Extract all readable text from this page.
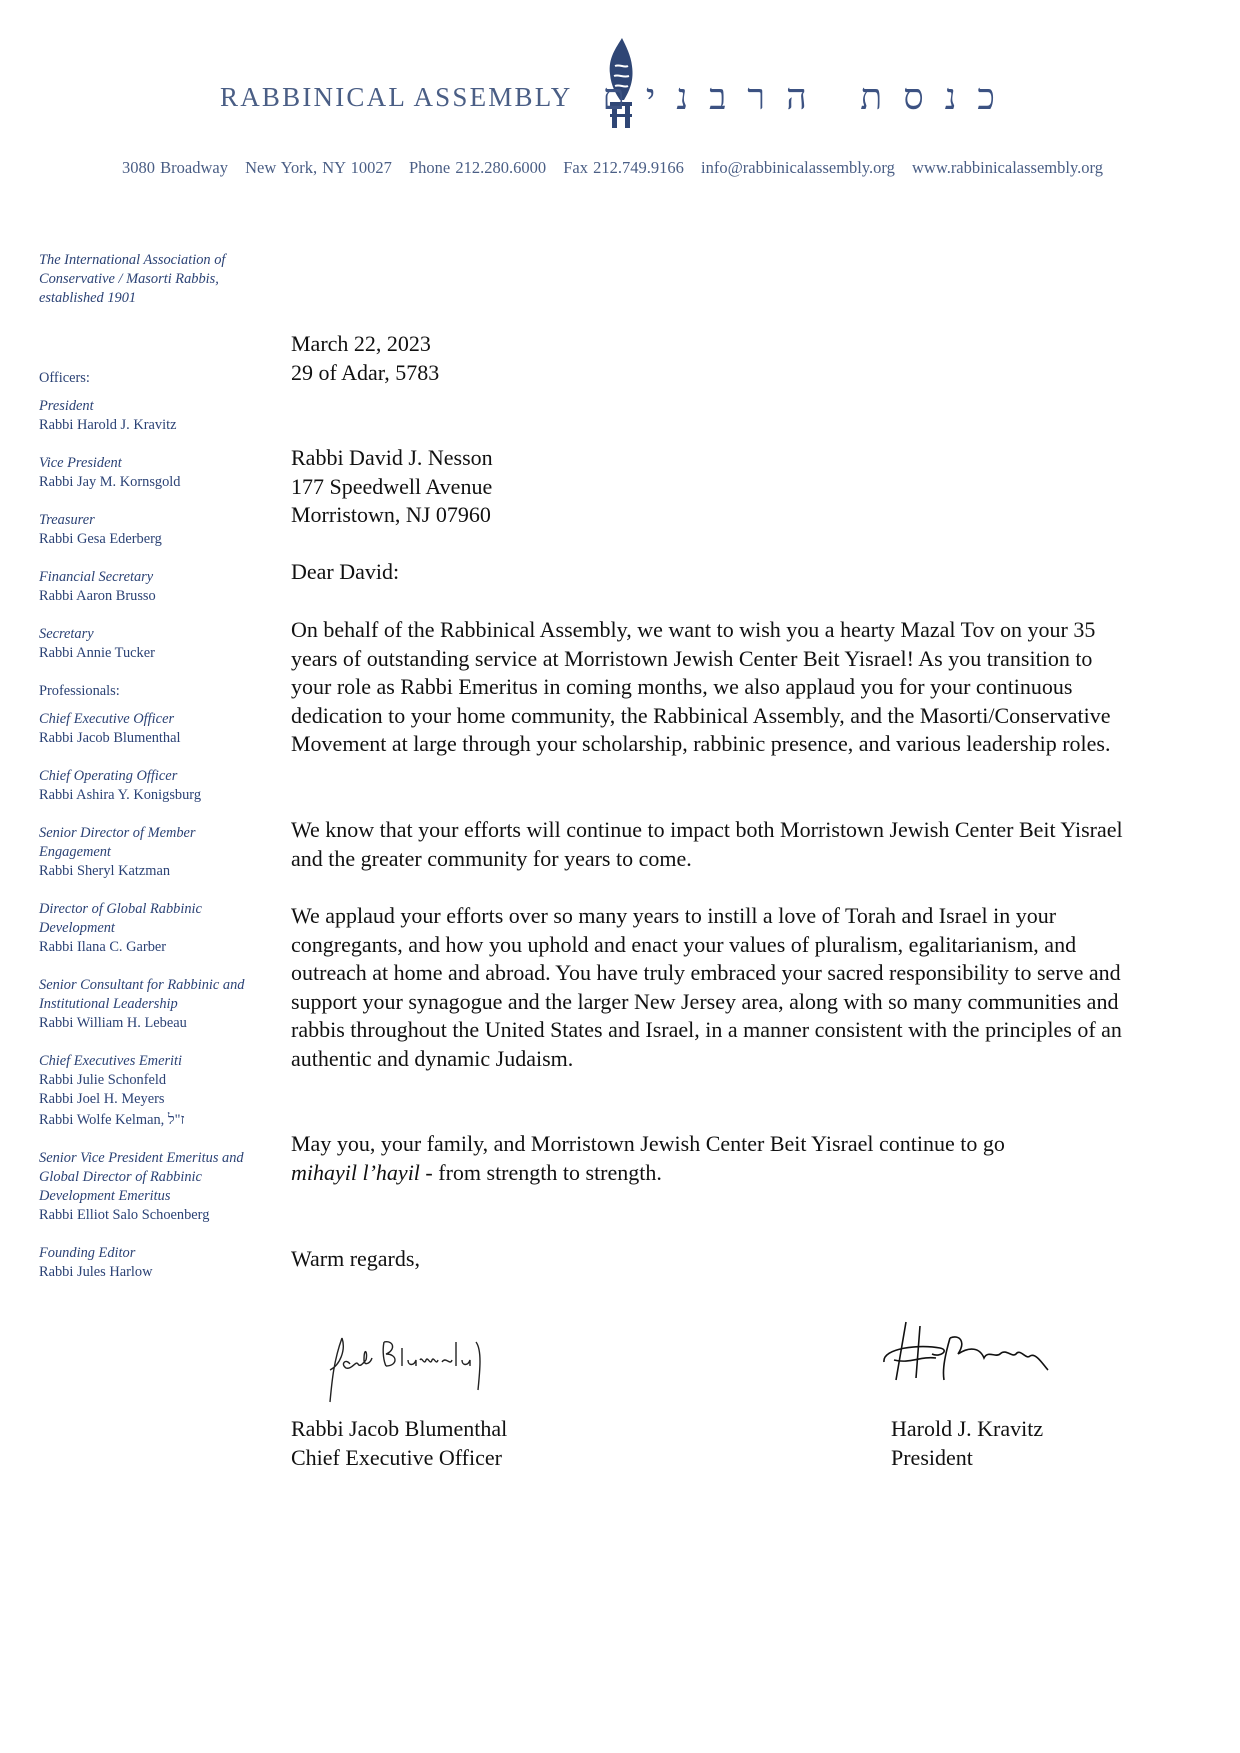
RABBINICAL ASSEMBLY כנסת הרבנים
3080 Broadway New York, NY 10027 Phone 212.280.6000 Fax 212.749.9166 info@rabbinicalassembly.org www.rabbinicalassembly.org
The International Association of
Conservative / Masorti Rabbis,
established 1901
Officers:
President
Rabbi Harold J. Kravitz
Vice President
Rabbi Jay M. Kornsgold
Treasurer
Rabbi Gesa Ederberg
Financial Secretary
Rabbi Aaron Brusso
Secretary
Rabbi Annie Tucker
Professionals:
Chief Executive Officer
Rabbi Jacob Blumenthal
Chief Operating Officer
Rabbi Ashira Y. Konigsburg
Senior Director of Member Engagement
Rabbi Sheryl Katzman
Director of Global Rabbinic Development
Rabbi Ilana C. Garber
Senior Consultant for Rabbinic and Institutional Leadership
Rabbi William H. Lebeau
Chief Executives Emeriti
Rabbi Julie Schonfeld
Rabbi Joel H. Meyers
Rabbi Wolfe Kelman, ז"ל
Senior Vice President Emeritus and Global Director of Rabbinic Development Emeritus
Rabbi Elliot Salo Schoenberg
Founding Editor
Rabbi Jules Harlow

March 22, 2023

29 of Adar, 5783

Rabbi David J. Nesson

177 Speedwell Avenue

Morristown, NJ 07960

Dear David:

On behalf of the Rabbinical Assembly, we want to wish you a hearty Mazal Tov on your 35 years of outstanding service at Morristown Jewish Center Beit Yisrael! As you transition to your role as Rabbi Emeritus in coming months, we also applaud you for your continuous dedication to your home community, the Rabbinical Assembly, and the Masorti/Conservative Movement at large through your scholarship, rabbinic presence, and various leadership roles.

We know that your efforts will continue to impact both Morristown Jewish Center Beit Yisrael and the greater community for years to come.

We applaud your efforts over so many years to instill a love of Torah and Israel in your congregants, and how you uphold and enact your values of pluralism, egalitarianism, and outreach at home and abroad. You have truly embraced your sacred responsibility to serve and support your synagogue and the larger New Jersey area, along with so many communities and rabbis throughout the United States and Israel, in a manner consistent with the principles of an authentic and dynamic Judaism.

May you, your family, and Morristown Jewish Center Beit Yisrael continue to go
mihayil l’hayil - from strength to strength.

Warm regards,

Rabbi Jacob Blumenthal
Chief Executive Officer
Harold J. Kravitz
President
